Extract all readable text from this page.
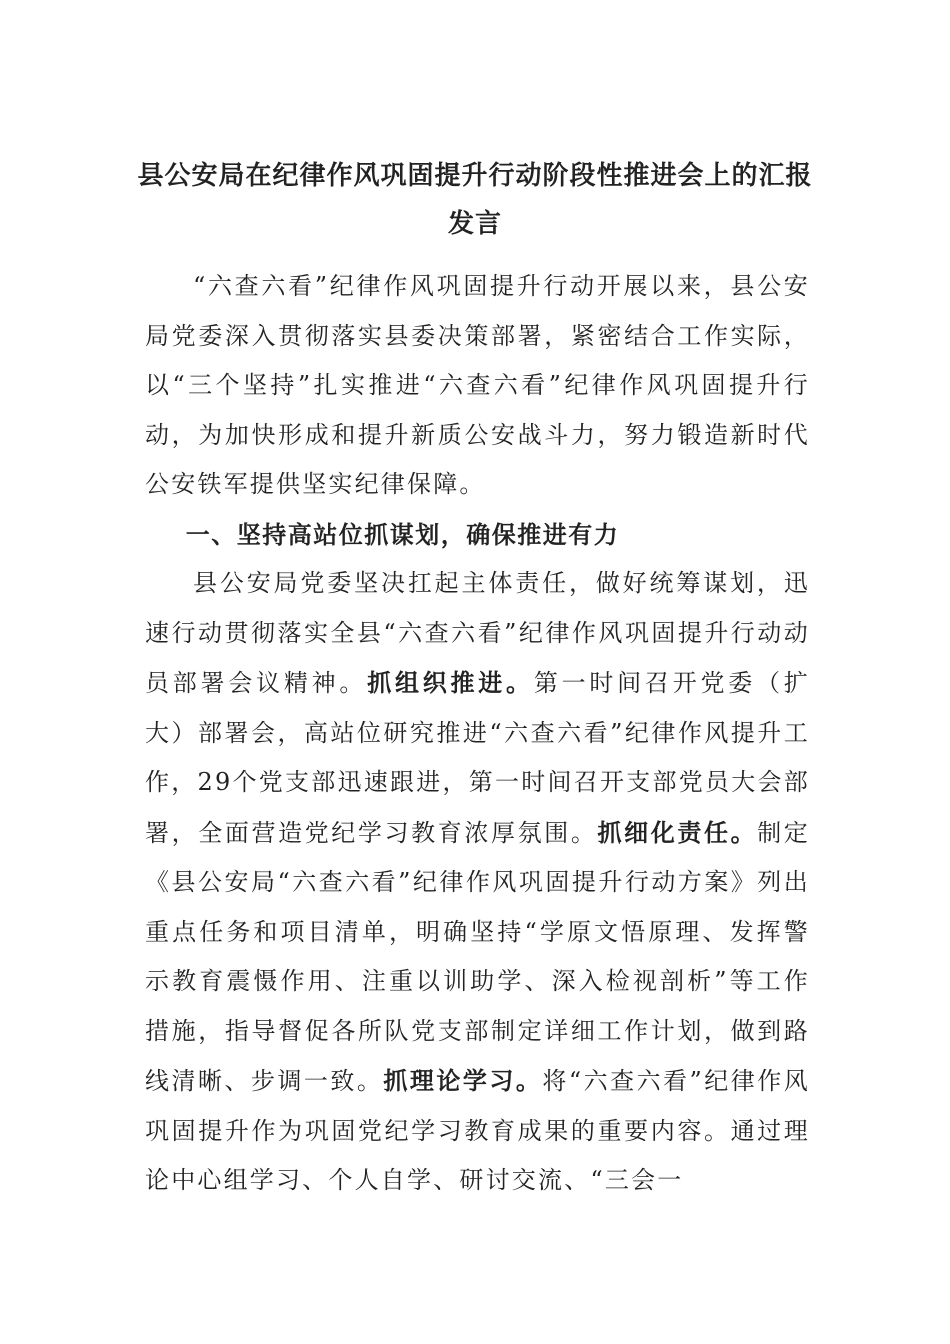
县公安局在纪律作风巩固提升行动阶段性推进会上的汇报
发言

“六查六看”纪律作风巩固提升行动开展以来，县公安局党委深入贯彻落实县委决策部署，紧密结合工作实际，以“三个坚持”扎实推进“六查六看”纪律作风巩固提升行动，为加快形成和提升新质公安战斗力，努力锻造新时代公安铁军提供坚实纪律保障。

一、坚持高站位抓谋划，确保推进有力

县公安局党委坚决扛起主体责任，做好统筹谋划，迅速行动贯彻落实全县“六查六看”纪律作风巩固提升行动动员部署会议精神。抓组织推进。第一时间召开党委（扩大）部署会，高站位研究推进“六查六看”纪律作风提升工作，29个党支部迅速跟进，第一时间召开支部党员大会部署，全面营造党纪学习教育浓厚氛围。抓细化责任。制定《县公安局“六查六看”纪律作风巩固提升行动方案》列出重点任务和项目清单，明确坚持“学原文悟原理、发挥警示教育震慑作用、注重以训助学、深入检视剖析”等工作措施，指导督促各所队党支部制定详细工作计划，做到路线清晰、步调一致。抓理论学习。将“六查六看”纪律作风巩固提升作为巩固党纪学习教育成果的重要内容。通过理论中心组学习、个人自学、研讨交流、“三会一
